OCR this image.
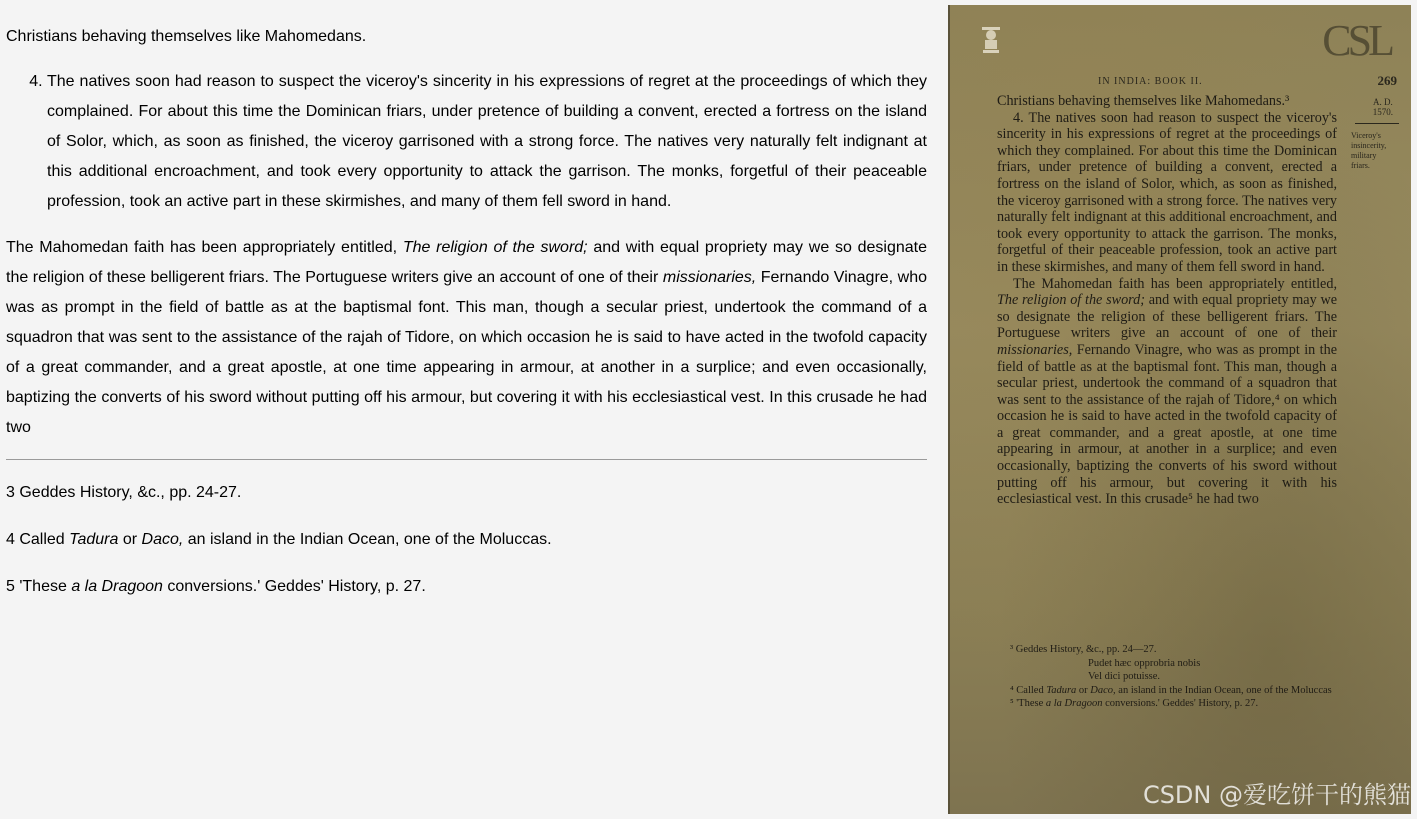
Christians behaving themselves like Mahomedans.

4. The natives soon had reason to suspect the viceroy's sincerity in his expressions of regret at the proceedings of which they complained. For about this time the Dominican friars, under pretence of building a convent, erected a fortress on the island of Solor, which, as soon as finished, the viceroy garrisoned with a strong force. The natives very naturally felt indignant at this additional encroachment, and took every opportunity to attack the garrison. The monks, forgetful of their peaceable profession, took an active part in these skirmishes, and many of them fell sword in hand.

The Mahomedan faith has been appropriately entitled, The religion of the sword; and with equal propriety may we so designate the religion of these belligerent friars. The Portuguese writers give an account of one of their missionaries, Fernando Vinagre, who was as prompt in the field of battle as at the baptismal font. This man, though a secular priest, undertook the command of a squadron that was sent to the assistance of the rajah of Tidore, on which occasion he is said to have acted in the twofold capacity of a great commander, and a great apostle, at one time appearing in armour, at another in a surplice; and even occasionally, baptizing the converts of his sword without putting off his armour, but covering it with his ecclesiastical vest. In this crusade he had two

3 Geddes History, &c., pp. 24-27.

4 Called Tadura or Daco, an island in the Indian Ocean, one of the Moluccas.

5 'These a la Dragoon conversions.' Geddes' History, p. 27.

CSL
IN INDIA: BOOK II.	269
A. D.
1570.
Viceroy's insincerity, military friars.

Christians behaving themselves like Mahomedans.³

4. The natives soon had reason to suspect the viceroy's sincerity in his expressions of regret at the proceedings of which they complained. For about this time the Dominican friars, under pretence of building a convent, erected a fortress on the island of Solor, which, as soon as finished, the viceroy garrisoned with a strong force. The natives very naturally felt indignant at this additional encroachment, and took every opportunity to attack the garrison. The monks, forgetful of their peaceable profession, took an active part in these skirmishes, and many of them fell sword in hand.

The Mahomedan faith has been appropriately entitled, The religion of the sword; and with equal propriety may we so designate the religion of these belligerent friars. The Portuguese writers give an account of one of their missionaries, Fernando Vinagre, who was as prompt in the field of battle as at the baptismal font. This man, though a secular priest, undertook the command of a squadron that was sent to the assistance of the rajah of Tidore,⁴ on which occasion he is said to have acted in the twofold capacity of a great commander, and a great apostle, at one time appearing in armour, at another in a surplice; and even occasionally, baptizing the converts of his sword without putting off his armour, but covering it with his ecclesiastical vest. In this crusade⁵ he had two

³ Geddes History, &c., pp. 24—27.

Pudet hæc opprobria nobis

Vel dici potuisse.

⁴ Called Tadura or Daco, an island in the Indian Ocean, one of the Moluccas

⁵ 'These a la Dragoon conversions.' Geddes' History, p. 27.

CSDN @爱吃饼干的熊猫
